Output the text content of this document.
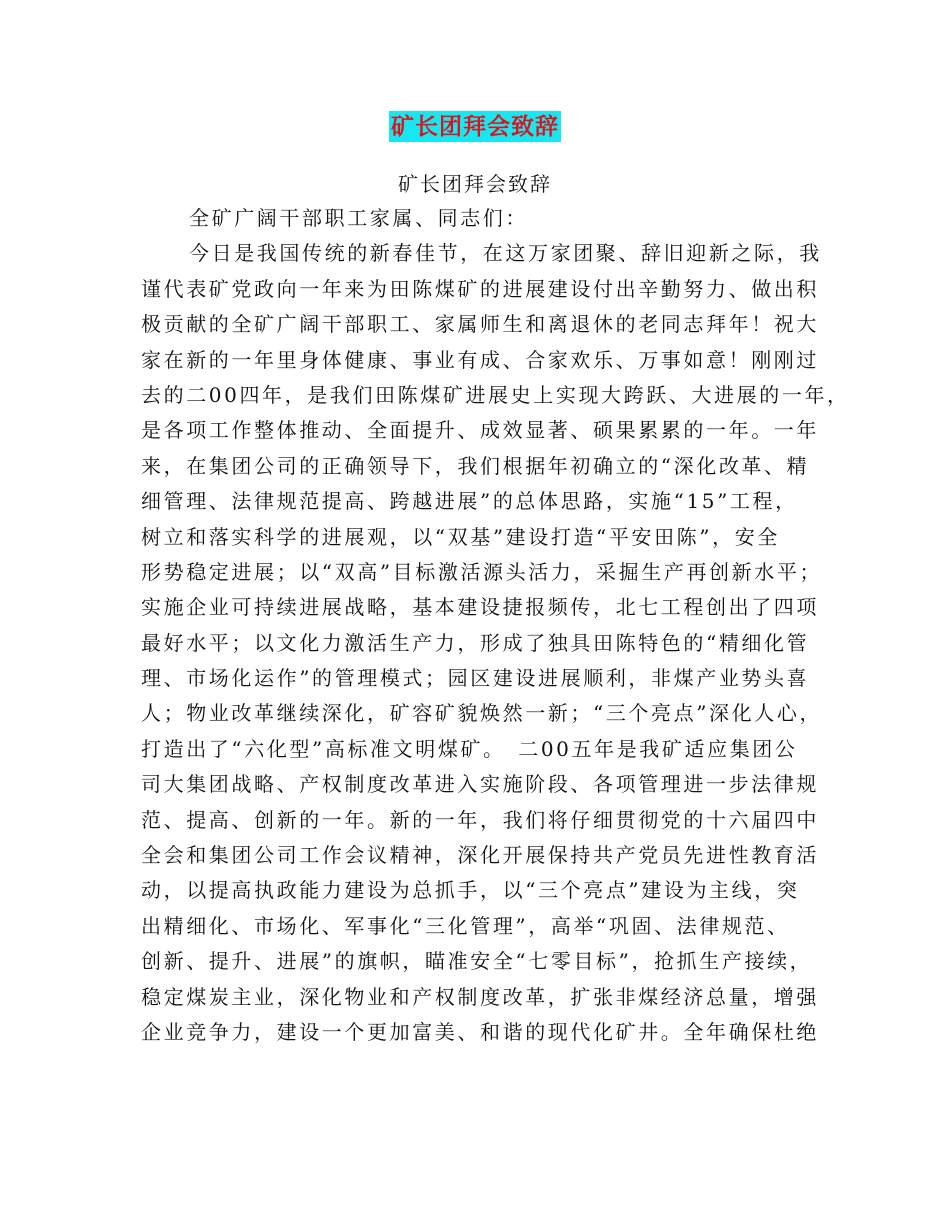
矿长团拜会致辞
矿长团拜会致辞
全矿广阔干部职工家属、同志们：
今日是我国传统的新春佳节，在这万家团聚、辞旧迎新之际，我
谨代表矿党政向一年来为田陈煤矿的进展建设付出辛勤努力、做出积
极贡献的全矿广阔干部职工、家属师生和离退休的老同志拜年！祝大
家在新的一年里身体健康、事业有成、合家欢乐、万事如意！刚刚过
去的二00四年，是我们田陈煤矿进展史上实现大跨跃、大进展的一年，
是各项工作整体推动、全面提升、成效显著、硕果累累的一年。一年
来，在集团公司的正确领导下，我们根据年初确立的“深化改革、精
细管理、法律规范提高、跨越进展”的总体思路，实施“15”工程，
树立和落实科学的进展观，以“双基”建设打造“平安田陈”，安全
形势稳定进展；以“双高”目标激活源头活力，采掘生产再创新水平；
实施企业可持续进展战略，基本建设捷报频传，北七工程创出了四项
最好水平；以文化力激活生产力，形成了独具田陈特色的“精细化管
理、市场化运作”的管理模式；园区建设进展顺利，非煤产业势头喜
人；物业改革继续深化，矿容矿貌焕然一新；“三个亮点”深化人心，
打造出了“六化型”高标准文明煤矿。　二00五年是我矿适应集团公
司大集团战略、产权制度改革进入实施阶段、各项管理进一步法律规
范、提高、创新的一年。新的一年，我们将仔细贯彻党的十六届四中
全会和集团公司工作会议精神，深化开展保持共产党员先进性教育活
动，以提高执政能力建设为总抓手，以“三个亮点”建设为主线，突
出精细化、市场化、军事化“三化管理”，高举“巩固、法律规范、
创新、提升、进展”的旗帜，瞄准安全“七零目标”，抢抓生产接续，
稳定煤炭主业，深化物业和产权制度改革，扩张非煤经济总量，增强
企业竞争力，建设一个更加富美、和谐的现代化矿井。全年确保杜绝
